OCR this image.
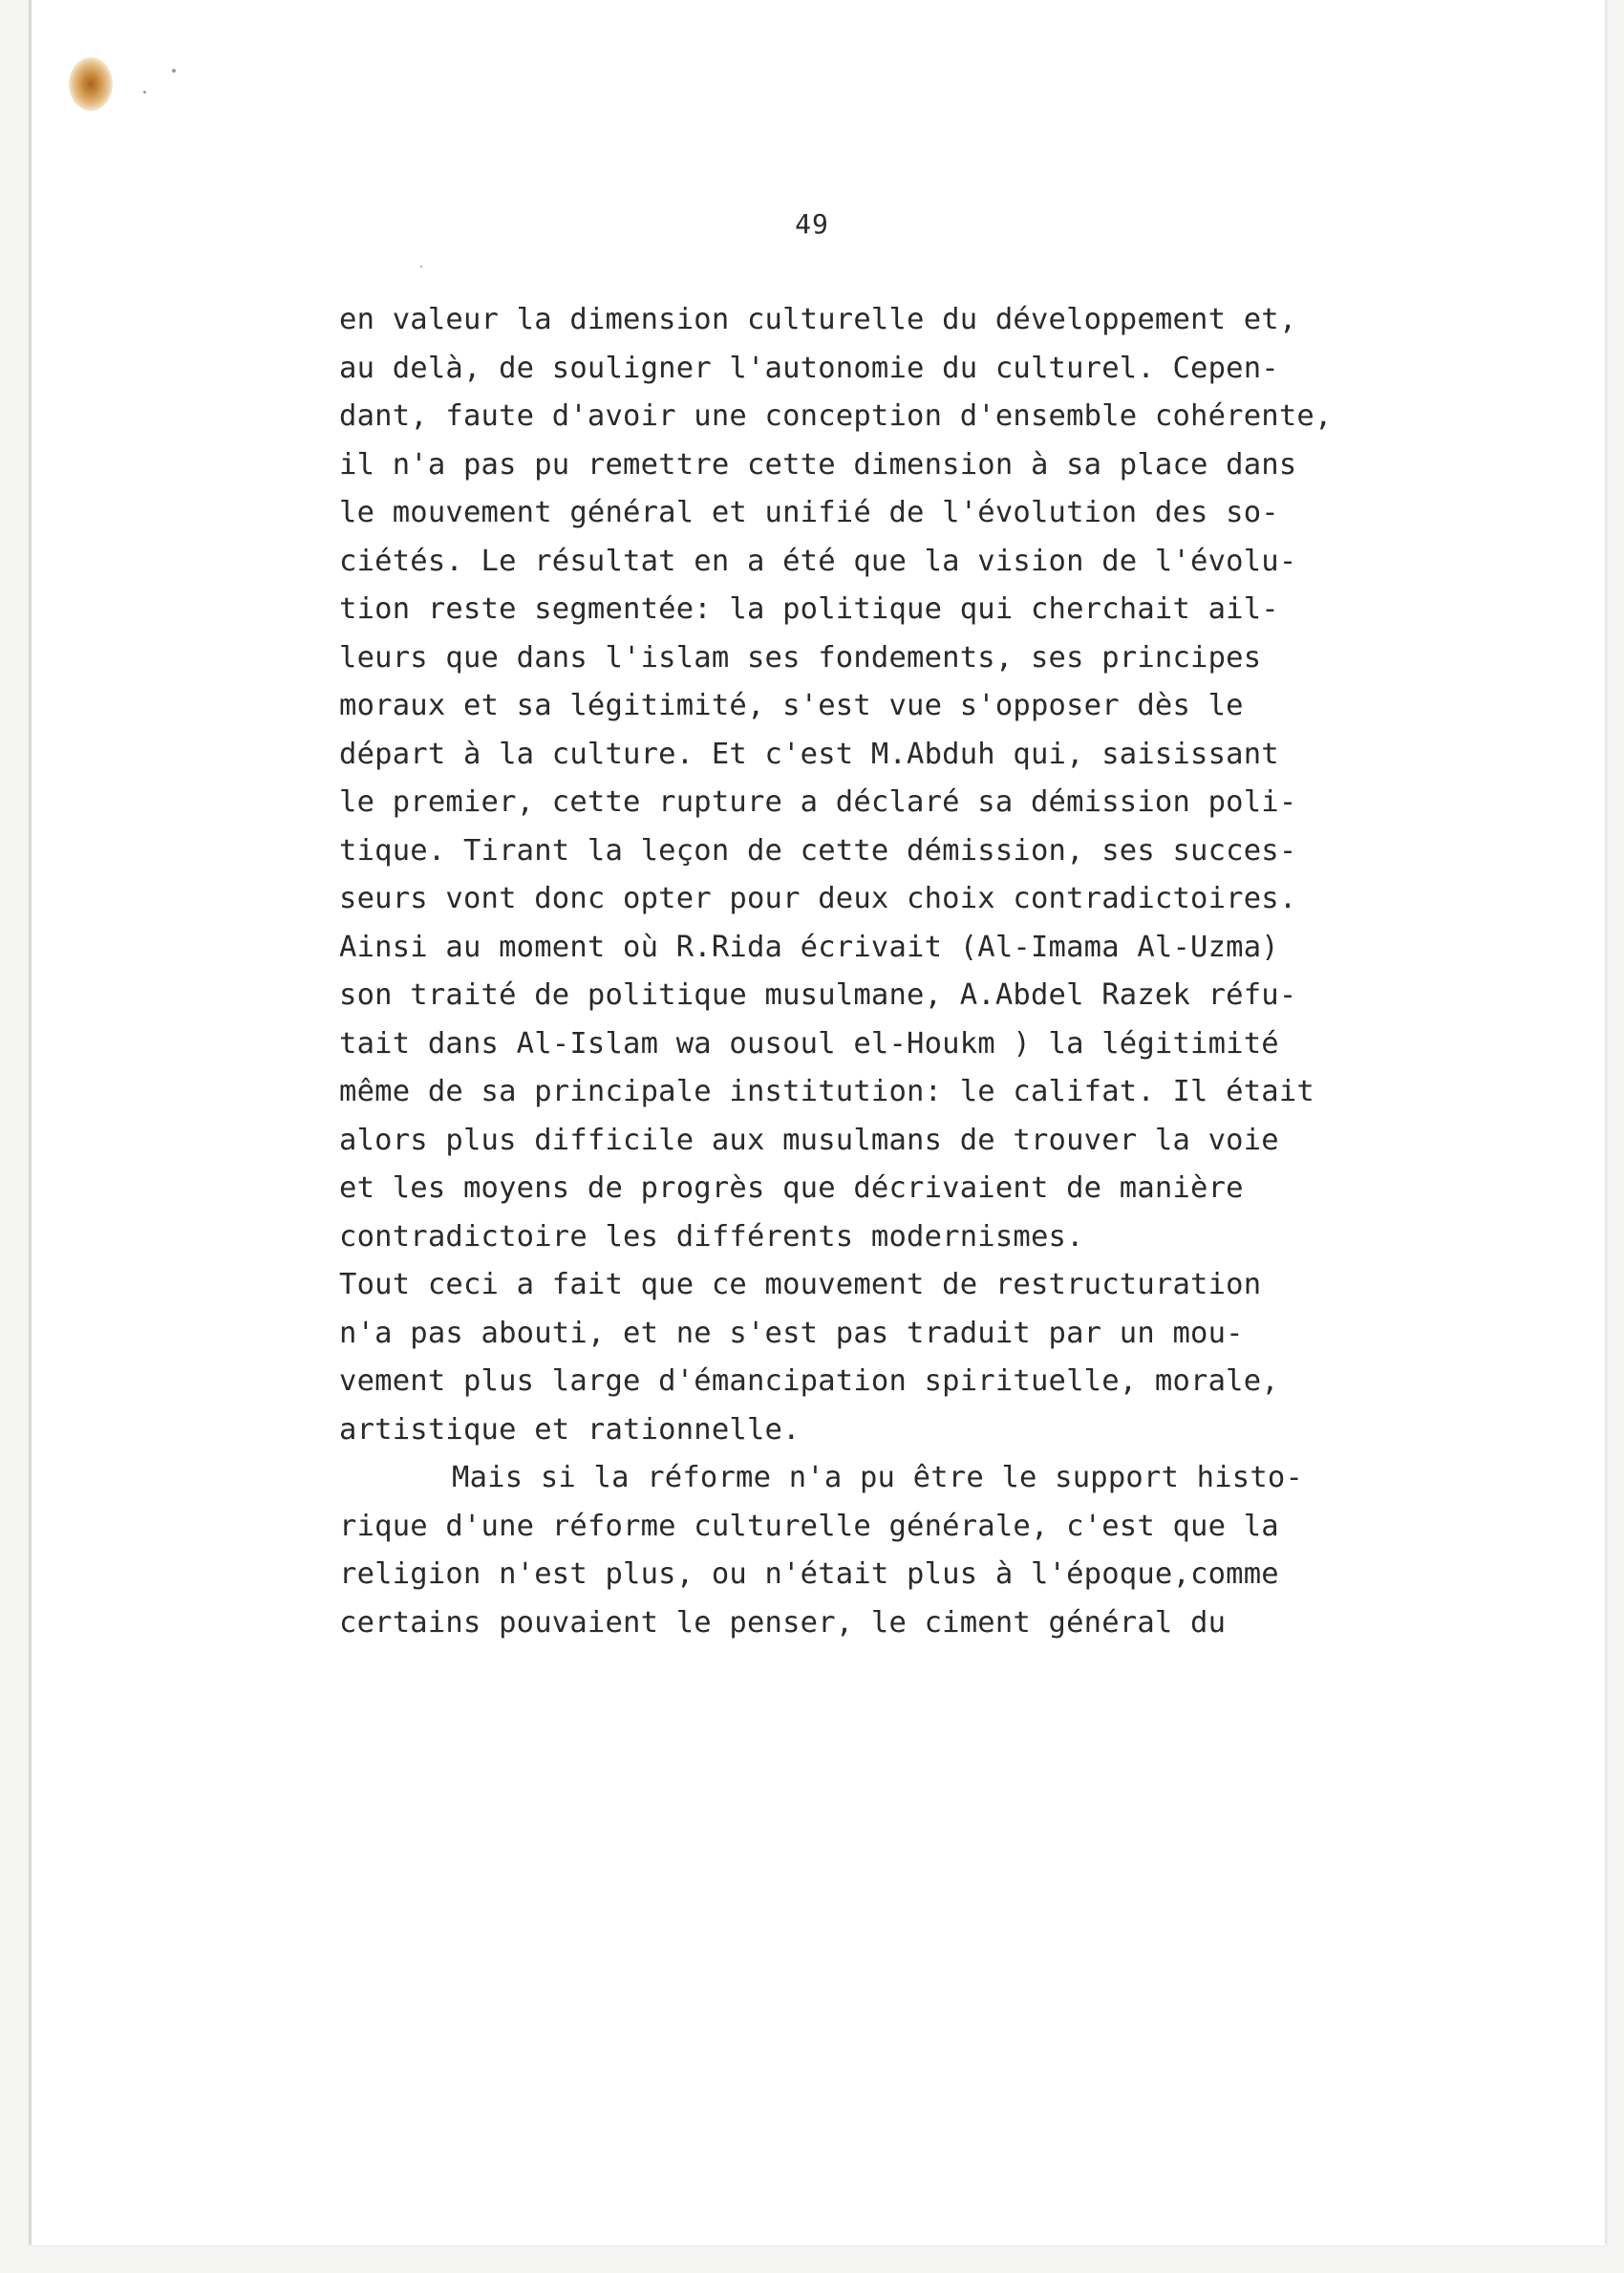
49
en valeur la dimension culturelle du développement et,
au delà, de souligner l'autonomie du culturel. Cepen-
dant, faute d'avoir une conception d'ensemble cohérente,
il n'a pas pu remettre cette dimension à sa place dans
le mouvement général et unifié de l'évolution des so-
ciétés. Le résultat en a été que la vision de l'évolu-
tion reste segmentée: la politique qui cherchait ail-
leurs que dans l'islam ses fondements, ses principes
moraux et sa légitimité, s'est vue s'opposer dès le
départ à la culture. Et c'est M.Abduh qui, saisissant
le premier, cette rupture a déclaré sa démission poli-
tique. Tirant la leçon de cette démission, ses succes-
seurs vont donc opter pour deux choix contradictoires.
Ainsi au moment où R.Rida écrivait (Al-Imama Al-Uzma)
son traité de politique musulmane, A.Abdel Razek réfu-
tait dans Al-Islam wa ousoul el-Houkm ) la légitimité
même de sa principale institution: le califat. Il était
alors plus difficile aux musulmans de trouver la voie
et les moyens de progrès que décrivaient de manière
contradictoire les différents modernismes.
Tout ceci a fait que ce mouvement de restructuration
n'a pas abouti, et ne s'est pas traduit par un mou-
vement plus large d'émancipation spirituelle, morale,
artistique et rationnelle.
Mais si la réforme n'a pu être le support histo-
rique d'une réforme culturelle générale, c'est que la
religion n'est plus, ou n'était plus à l'époque,comme
certains pouvaient le penser, le ciment général du
